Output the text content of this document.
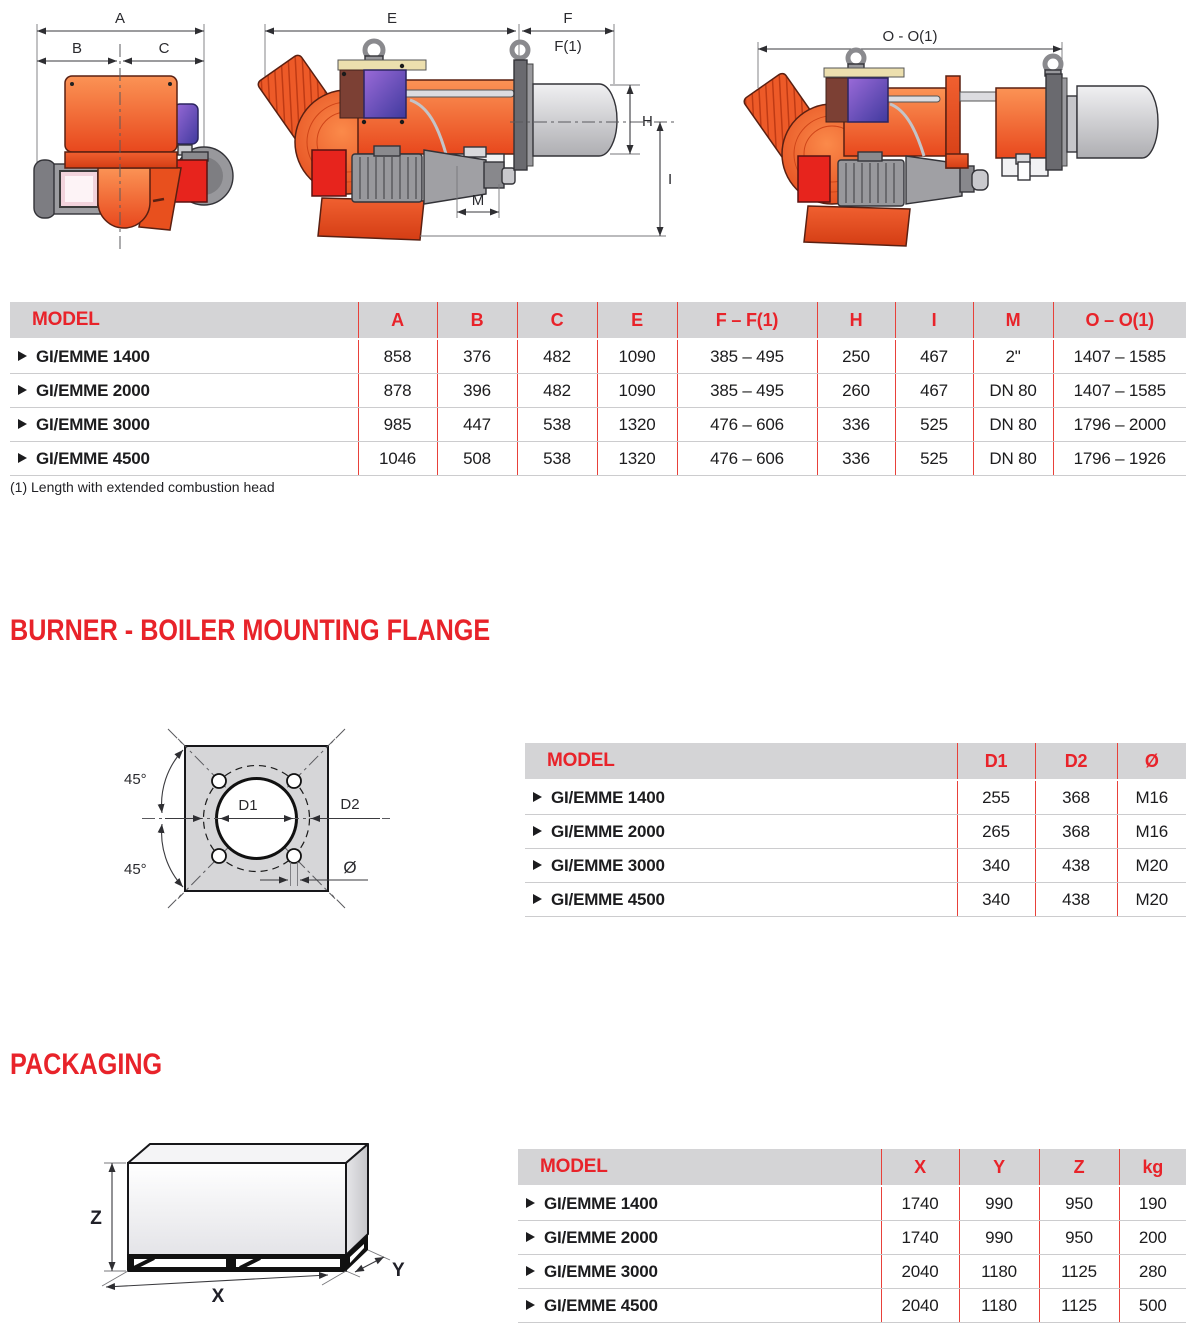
A
B	C
E	F
F(1)
H
I
M
O - O(1)
MODEL	A	B	C	E	F – F(1)	H	I	M	O – O(1)
GI/EMME 1400	858	376	482	1090	385 – 495	250	467	2"	1407 – 1585
GI/EMME 2000	878	396	482	1090	385 – 495	260	467	DN 80	1407 – 1585
GI/EMME 3000	985	447	538	1320	476 – 606	336	525	DN 80	1796 – 2000
GI/EMME 4500	1046	508	538	1320	476 – 606	336	525	DN 80	1796 – 1926
(1) Length with extended combustion head
BURNER - BOILER MOUNTING FLANGE
D1	D2
45°
45°	Ø
MODEL	D1	D2	Ø
GI/EMME 1400	255	368	M16
GI/EMME 2000	265	368	M16
GI/EMME 3000	340	438	M20
GI/EMME 4500	340	438	M20
PACKAGING
Z
X
Y
MODEL	X	Y	Z	kg
GI/EMME 1400	1740	990	950	190
GI/EMME 2000	1740	990	950	200
GI/EMME 3000	2040	1180	1125	280
GI/EMME 4500	2040	1180	1125	500
